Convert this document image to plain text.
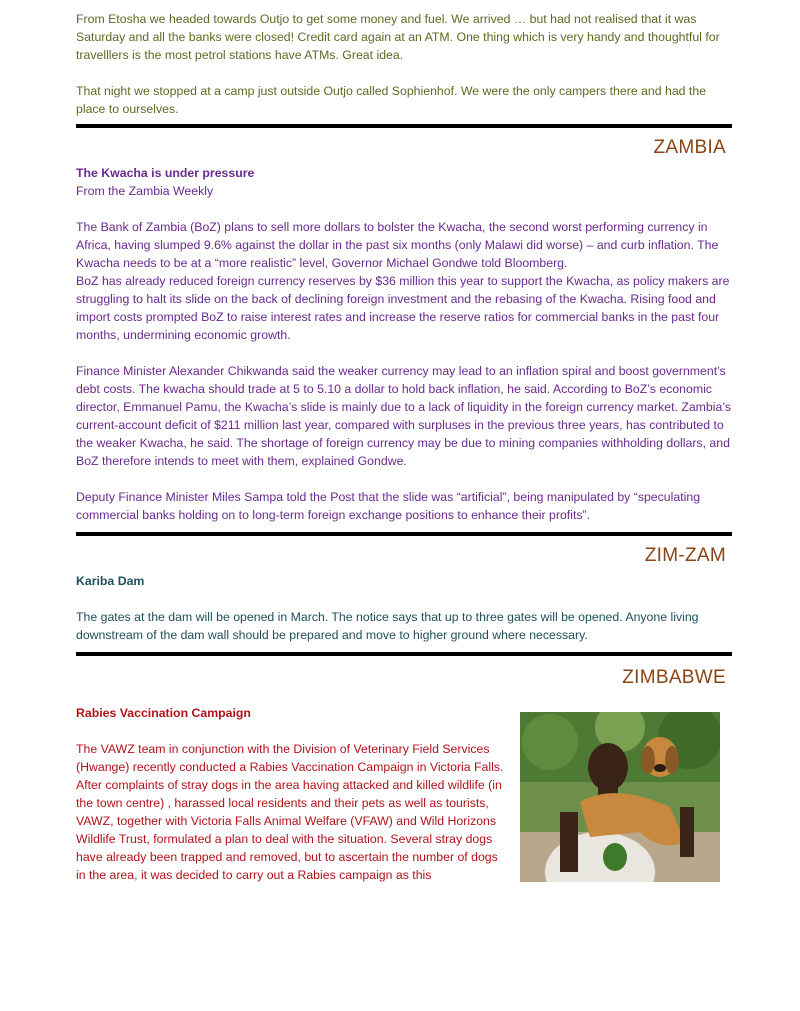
From Etosha we headed towards Outjo to get some money and fuel. We arrived … but had not realised that it was Saturday and all the banks were closed! Credit card again at an ATM. One thing which is very handy and thoughtful for travelllers is the most petrol stations have ATMs. Great idea.

That night we stopped at a camp just outside Outjo called Sophienhof. We were the only campers there and had the place to ourselves.

ZAMBIA

The Kwacha is under pressure

From the Zambia Weekly

The Bank of Zambia (BoZ) plans to sell more dollars to bolster the Kwacha, the second worst performing currency in Africa, having slumped 9.6% against the dollar in the past six months (only Malawi did worse) – and curb inflation. The Kwacha needs to be at a “more realistic” level, Governor Michael Gondwe told Bloomberg.

BoZ has already reduced foreign currency reserves by $36 million this year to support the Kwacha, as policy makers are struggling to halt its slide on the back of declining foreign investment and the rebasing of the Kwacha. Rising food and import costs prompted BoZ to raise interest rates and increase the reserve ratios for commercial banks in the past four months, undermining economic growth.

Finance Minister Alexander Chikwanda said the weaker currency may lead to an inflation spiral and boost government’s debt costs. The kwacha should trade at 5 to 5.10 a dollar to hold back inflation, he said. According to BoZ’s economic director, Emmanuel Pamu, the Kwacha’s slide is mainly due to a lack of liquidity in the foreign currency market. Zambia’s current-account deficit of $211 million last year, compared with surpluses in the previous three years, has contributed to the weaker Kwacha, he said. The shortage of foreign currency may be due to mining companies withholding dollars, and BoZ therefore intends to meet with them, explained Gondwe.

Deputy Finance Minister Miles Sampa told the Post that the slide was “artificial”, being manipulated by “speculating commercial banks holding on to long-term foreign exchange positions to enhance their profits”.

ZIM-ZAM

Kariba Dam

The gates at the dam will be opened in March. The notice says that up to three gates will be opened. Anyone living downstream of the dam wall should be prepared and move to higher ground where necessary.

ZIMBABWE

Rabies Vaccination Campaign

The VAWZ team in conjunction with the Division of Veterinary Field Services (Hwange) recently conducted a Rabies Vaccination Campaign in Victoria Falls. After complaints of stray dogs in the area having attacked and killed wildlife (in the town centre) , harassed local residents and their pets as well as tourists, VAWZ, together with Victoria Falls Animal Welfare (VFAW) and Wild Horizons Wildlife Trust, formulated a plan to deal with the situation. Several stray dogs have already been trapped and removed, but to ascertain the number of dogs in the area, it was decided to carry out a Rabies campaign as this
